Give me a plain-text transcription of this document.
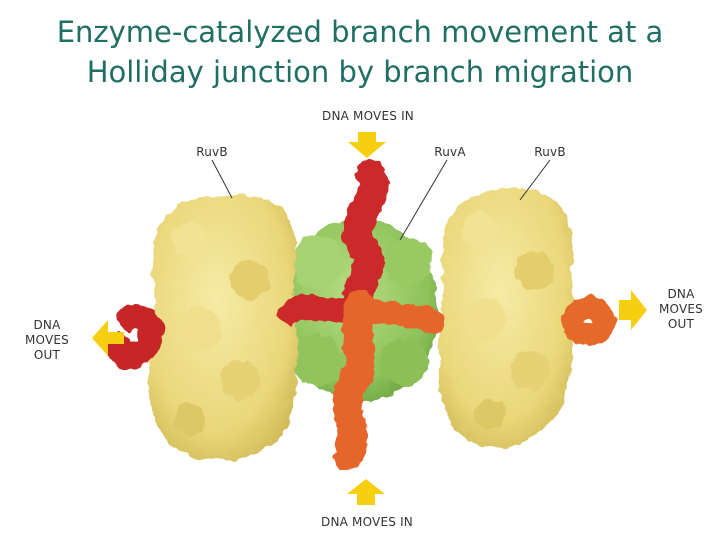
Enzyme-catalyzed branch movement at a
Holliday junction by branch migration
DNA MOVES IN
DNA MOVES IN
RuvB	RuvA	RuvB
DNA
MOVES
OUT
DNA
MOVES
OUT
